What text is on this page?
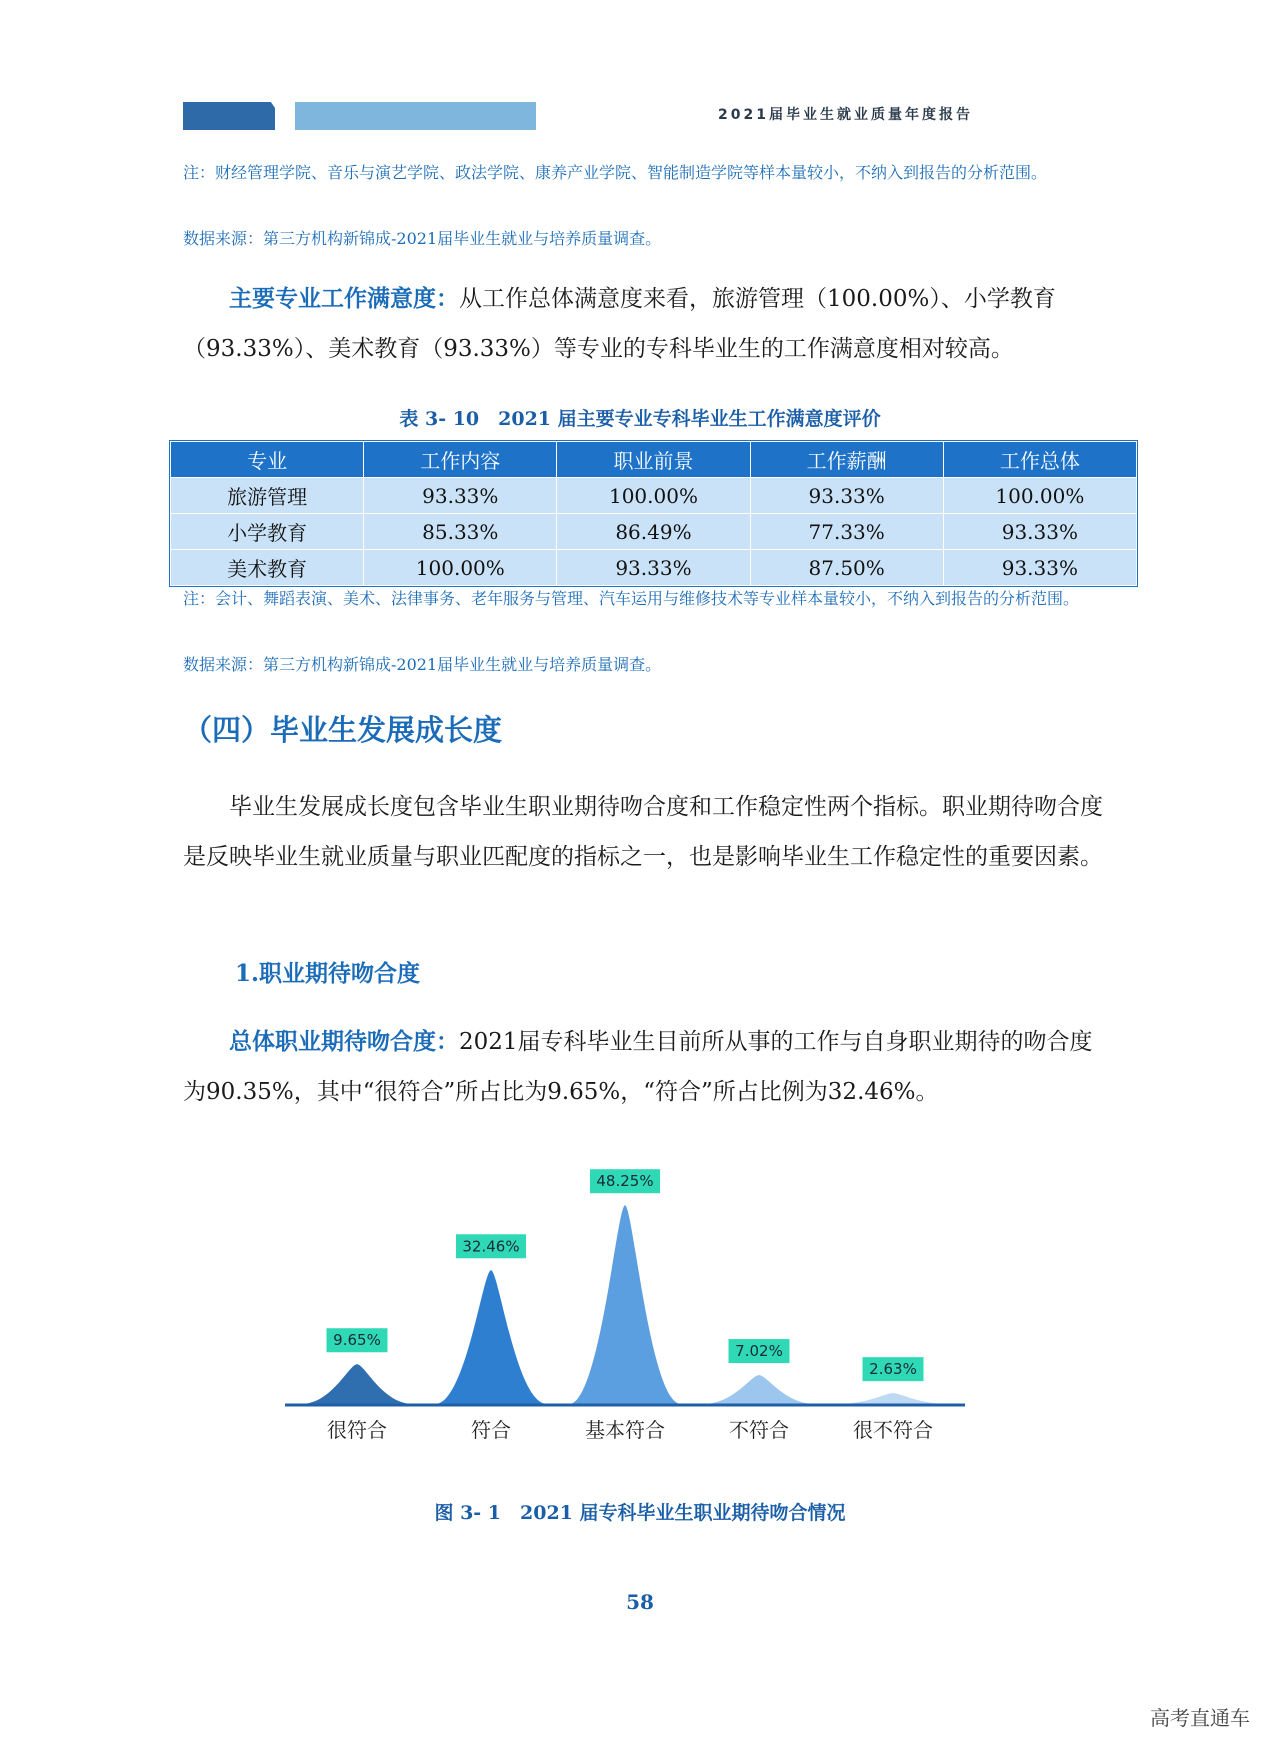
2021届毕业生就业质量年度报告
注：财经管理学院、音乐与演艺学院、政法学院、康养产业学院、智能制造学院等样本量较小，不纳入到报告的分析范围。
数据来源：第三方机构新锦成-2021届毕业生就业与培养质量调查。
主要专业工作满意度：从工作总体满意度来看，旅游管理（100.00%）、小学教育（93.33%）、美术教育（93.33%）等专业的专科毕业生的工作满意度相对较高。
表 3- 10　2021 届主要专业专科毕业生工作满意度评价
专业	工作内容	职业前景	工作薪酬	工作总体
旅游管理	93.33%	100.00%	93.33%	100.00%
小学教育	85.33%	86.49%	77.33%	93.33%
美术教育	100.00%	93.33%	87.50%	93.33%
注：会计、舞蹈表演、美术、法律事务、老年服务与管理、汽车运用与维修技术等专业样本量较小，不纳入到报告的分析范围。
数据来源：第三方机构新锦成-2021届毕业生就业与培养质量调查。
（四）毕业生发展成长度
毕业生发展成长度包含毕业生职业期待吻合度和工作稳定性两个指标。职业期待吻合度是反映毕业生就业质量与职业匹配度的指标之一，也是影响毕业生工作稳定性的重要因素。
1.职业期待吻合度
总体职业期待吻合度：2021届专科毕业生目前所从事的工作与自身职业期待的吻合度为90.35%，其中“很符合”所占比为9.65%，“符合”所占比例为32.46%。
9.65%
很符合
32.46%
符合
48.25%
基本符合
7.02%
不符合
2.63%
很不符合
图 3- 1　2021 届专科毕业生职业期待吻合情况
58
高考直通车
